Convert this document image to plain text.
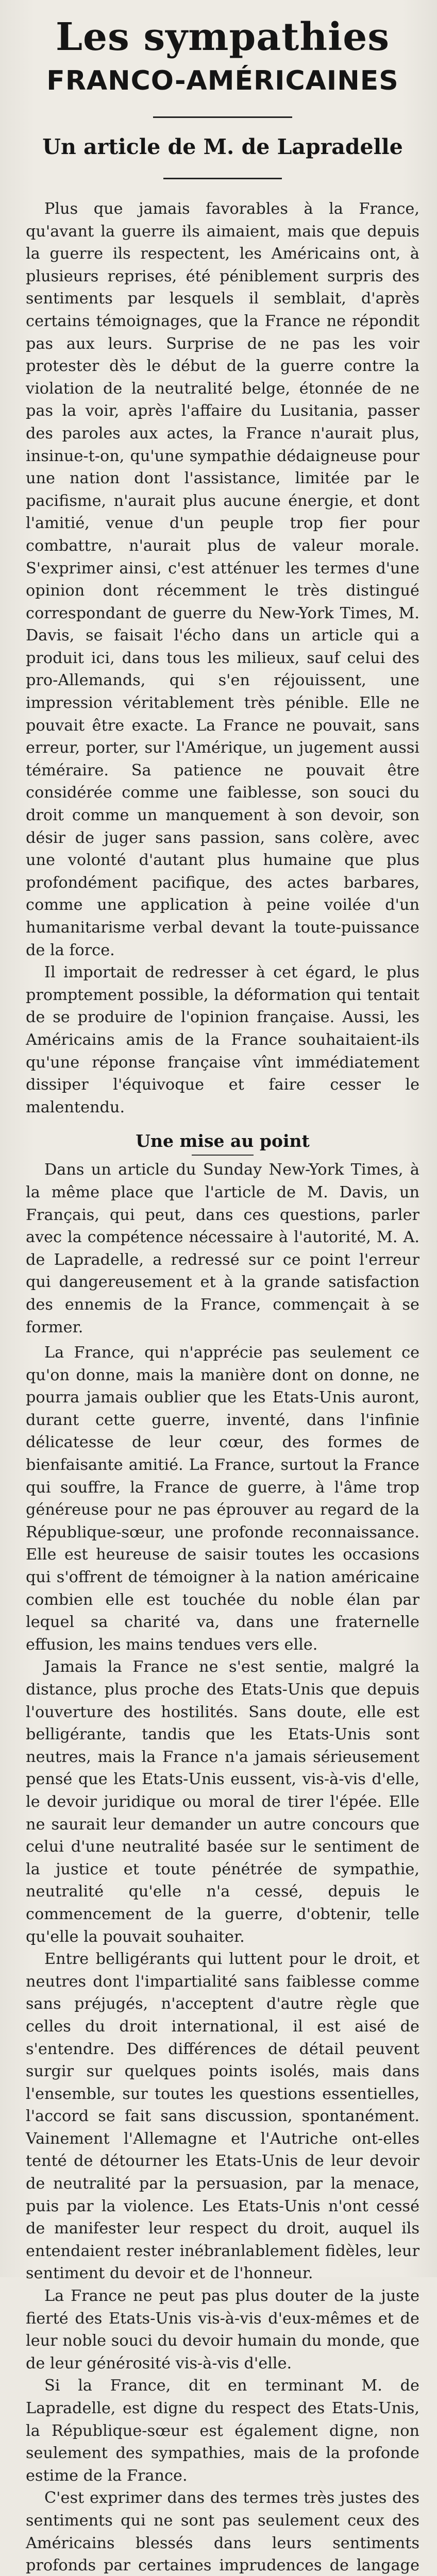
Les sympathies
FRANCO-AMÉRICAINES
Un article de M. de Lapradelle

Plus que jamais favorables à la France, qu'avant la guerre ils aimaient, mais que depuis la guerre ils respectent, les Américains ont, à plusieurs reprises, été péniblement surpris des sentiments par lesquels il semblait, d'après certains témoignages, que la France ne répondit pas aux leurs. Surprise de ne pas les voir protester dès le début de la guerre contre la violation de la neutralité belge, étonnée de ne pas la voir, après l'affaire du Lusitania, passer des paroles aux actes, la France n'aurait plus, insinue-t-on, qu'une sympathie dédaigneuse pour une nation dont l'assistance, limitée par le pacifisme, n'aurait plus aucune énergie, et dont l'amitié, venue d'un peuple trop fier pour combattre, n'aurait plus de valeur morale. S'exprimer ainsi, c'est atténuer les termes d'une opinion dont récemment le très distingué correspondant de guerre du New-York Times, M. Davis, se faisait l'écho dans un article qui a produit ici, dans tous les milieux, sauf celui des pro-Allemands, qui s'en réjouissent, une impression véritablement très pénible. Elle ne pouvait être exacte. La France ne pouvait, sans erreur, porter, sur l'Amérique, un jugement aussi téméraire. Sa patience ne pouvait être considérée comme une faiblesse, son souci du droit comme un manquement à son devoir, son désir de juger sans passion, sans colère, avec une volonté d'autant plus humaine que plus profondément pacifique, des actes barbares, comme une application à peine voilée d'un humanitarisme verbal devant la toute-puissance de la force.

Il importait de redresser à cet égard, le plus promptement possible, la déformation qui tentait de se produire de l'opinion française. Aussi, les Américains amis de la France souhaitaient-ils qu'une réponse française vînt immédiatement dissiper l'équivoque et faire cesser le malentendu.

Une mise au point

Dans un article du Sunday New-York Times, à la même place que l'article de M. Davis, un Français, qui peut, dans ces questions, parler avec la compétence nécessaire à l'autorité, M. A. de Lapradelle, a redressé sur ce point l'erreur qui dangereusement et à la grande satisfaction des ennemis de la France, commençait à se former.

La France, qui n'apprécie pas seulement ce qu'on donne, mais la manière dont on donne, ne pourra jamais oublier que les Etats-Unis auront, durant cette guerre, inventé, dans l'infinie délicatesse de leur cœur, des formes de bienfaisante amitié. La France, surtout la France qui souffre, la France de guerre, à l'âme trop généreuse pour ne pas éprouver au regard de la République-sœur, une profonde reconnaissance. Elle est heureuse de saisir toutes les occasions qui s'offrent de témoigner à la nation américaine combien elle est touchée du noble élan par lequel sa charité va, dans une fraternelle effusion, les mains tendues vers elle.

Jamais la France ne s'est sentie, malgré la distance, plus proche des Etats-Unis que depuis l'ouverture des hostilités. Sans doute, elle est belligérante, tandis que les Etats-Unis sont neutres, mais la France n'a jamais sérieusement pensé que les Etats-Unis eussent, vis-à-vis d'elle, le devoir juridique ou moral de tirer l'épée. Elle ne saurait leur demander un autre concours que celui d'une neutralité basée sur le sentiment de la justice et toute pénétrée de sympathie, neutralité qu'elle n'a cessé, depuis le commencement de la guerre, d'obtenir, telle qu'elle la pouvait souhaiter.

Entre belligérants qui luttent pour le droit, et neutres dont l'impartialité sans faiblesse comme sans préjugés, n'acceptent d'autre règle que celles du droit international, il est aisé de s'entendre. Des différences de détail peuvent surgir sur quelques points isolés, mais dans l'ensemble, sur toutes les questions essentielles, l'accord se fait sans discussion, spontanément. Vainement l'Allemagne et l'Autriche ont-elles tenté de détourner les Etats-Unis de leur devoir de neutralité par la persuasion, par la menace, puis par la violence. Les Etats-Unis n'ont cessé de manifester leur respect du droit, auquel ils entendaient rester inébranlablement fidèles, leur sentiment du devoir et de l'honneur.

La France ne peut pas plus douter de la juste fierté des Etats-Unis vis-à-vis d'eux-mêmes et de leur noble souci du devoir humain du monde, que de leur générosité vis-à-vis d'elle.

Si la France, dit en terminant M. de Lapradelle, est digne du respect des Etats-Unis, la République-sœur est également digne, non seulement des sympathies, mais de la profonde estime de la France.

C'est exprimer dans des termes très justes des sentiments qui ne sont pas seulement ceux des Américains blessés dans leurs sentiments profonds par certaines imprudences de langage
